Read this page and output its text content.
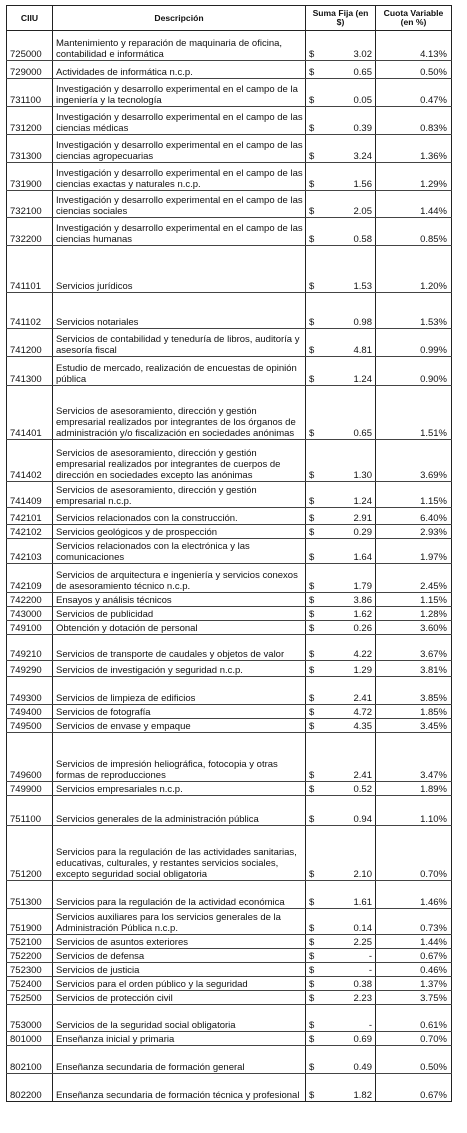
CIIU	Descripción	Suma Fija (en $)	Cuota Variable (en %)
725000	Mantenimiento y reparación de maquinaria de oficina, contabilidad e informática	$ 3.02	4.13%
729000	Actividades de informática n.c.p.	$ 0.65	0.50%
731100	Investigación y desarrollo experimental en el campo de la ingeniería y la tecnología	$ 0.05	0.47%
731200	Investigación y desarrollo experimental en el campo de las ciencias médicas	$ 0.39	0.83%
731300	Investigación y desarrollo experimental en el campo de las ciencias agropecuarias	$ 3.24	1.36%
731900	Investigación y desarrollo experimental en el campo de las ciencias exactas y naturales n.c.p.	$ 1.56	1.29%
732100	Investigación y desarrollo experimental en el campo de las ciencias sociales	$ 2.05	1.44%
732200	Investigación y desarrollo experimental en el campo de las ciencias humanas	$ 0.58	0.85%
741101	Servicios jurídicos	$ 1.53	1.20%
741102	Servicios notariales	$ 0.98	1.53%
741200	Servicios de contabilidad y teneduría de libros, auditoría y asesoría fiscal	$ 4.81	0.99%
741300	Estudio de mercado, realización de encuestas de opinión pública	$ 1.24	0.90%
741401	Servicios de asesoramiento, dirección y gestión empresarial realizados por integrantes de los órganos de administración y/o fiscalización en sociedades anónimas	$ 0.65	1.51%
741402	Servicios de asesoramiento, dirección y gestión empresarial realizados por integrantes de cuerpos de dirección en sociedades excepto las anónimas	$ 1.30	3.69%
741409	Servicios de asesoramiento, dirección y gestión empresarial n.c.p.	$ 1.24	1.15%
742101	Servicios relacionados con la construcción.	$ 2.91	6.40%
742102	Servicios geológicos y de prospección	$ 0.29	2.93%
742103	Servicios relacionados con la electrónica y las comunicaciones	$ 1.64	1.97%
742109	Servicios de arquitectura e ingeniería y servicios conexos de asesoramiento técnico n.c.p.	$ 1.79	2.45%
742200	Ensayos y análisis técnicos	$ 3.86	1.15%
743000	Servicios de publicidad	$ 1.62	1.28%
749100	Obtención y dotación de personal	$ 0.26	3.60%
749210	Servicios de transporte de caudales y objetos de valor	$ 4.22	3.67%
749290	Servicios de investigación y seguridad n.c.p.	$ 1.29	3.81%
749300	Servicios de limpieza de edificios	$ 2.41	3.85%
749400	Servicios de fotografía	$ 4.72	1.85%
749500	Servicios de envase y empaque	$ 4.35	3.45%
749600	Servicios de impresión heliográfica, fotocopia y otras formas de reproducciones	$ 2.41	3.47%
749900	Servicios empresariales n.c.p.	$ 0.52	1.89%
751100	Servicios generales de la administración pública	$ 0.94	1.10%
751200	Servicios para la regulación de las actividades sanitarias, educativas, culturales, y restantes servicios sociales, excepto seguridad social obligatoria	$ 2.10	0.70%
751300	Servicios para la regulación de la actividad económica	$ 1.61	1.46%
751900	Servicios auxiliares para los servicios generales de la Administración Pública n.c.p.	$ 0.14	0.73%
752100	Servicios de asuntos exteriores	$ 2.25	1.44%
752200	Servicios de defensa	$ -	0.67%
752300	Servicios de justicia	$ -	0.46%
752400	Servicios para el orden público y la seguridad	$ 0.38	1.37%
752500	Servicios de protección civil	$ 2.23	3.75%
753000	Servicios de la seguridad social obligatoria	$ -	0.61%
801000	Enseñanza inicial y primaria	$ 0.69	0.70%
802100	Enseñanza secundaria de formación general	$ 0.49	0.50%
802200	Enseñanza secundaria de formación técnica y profesional	$ 1.82	0.67%
